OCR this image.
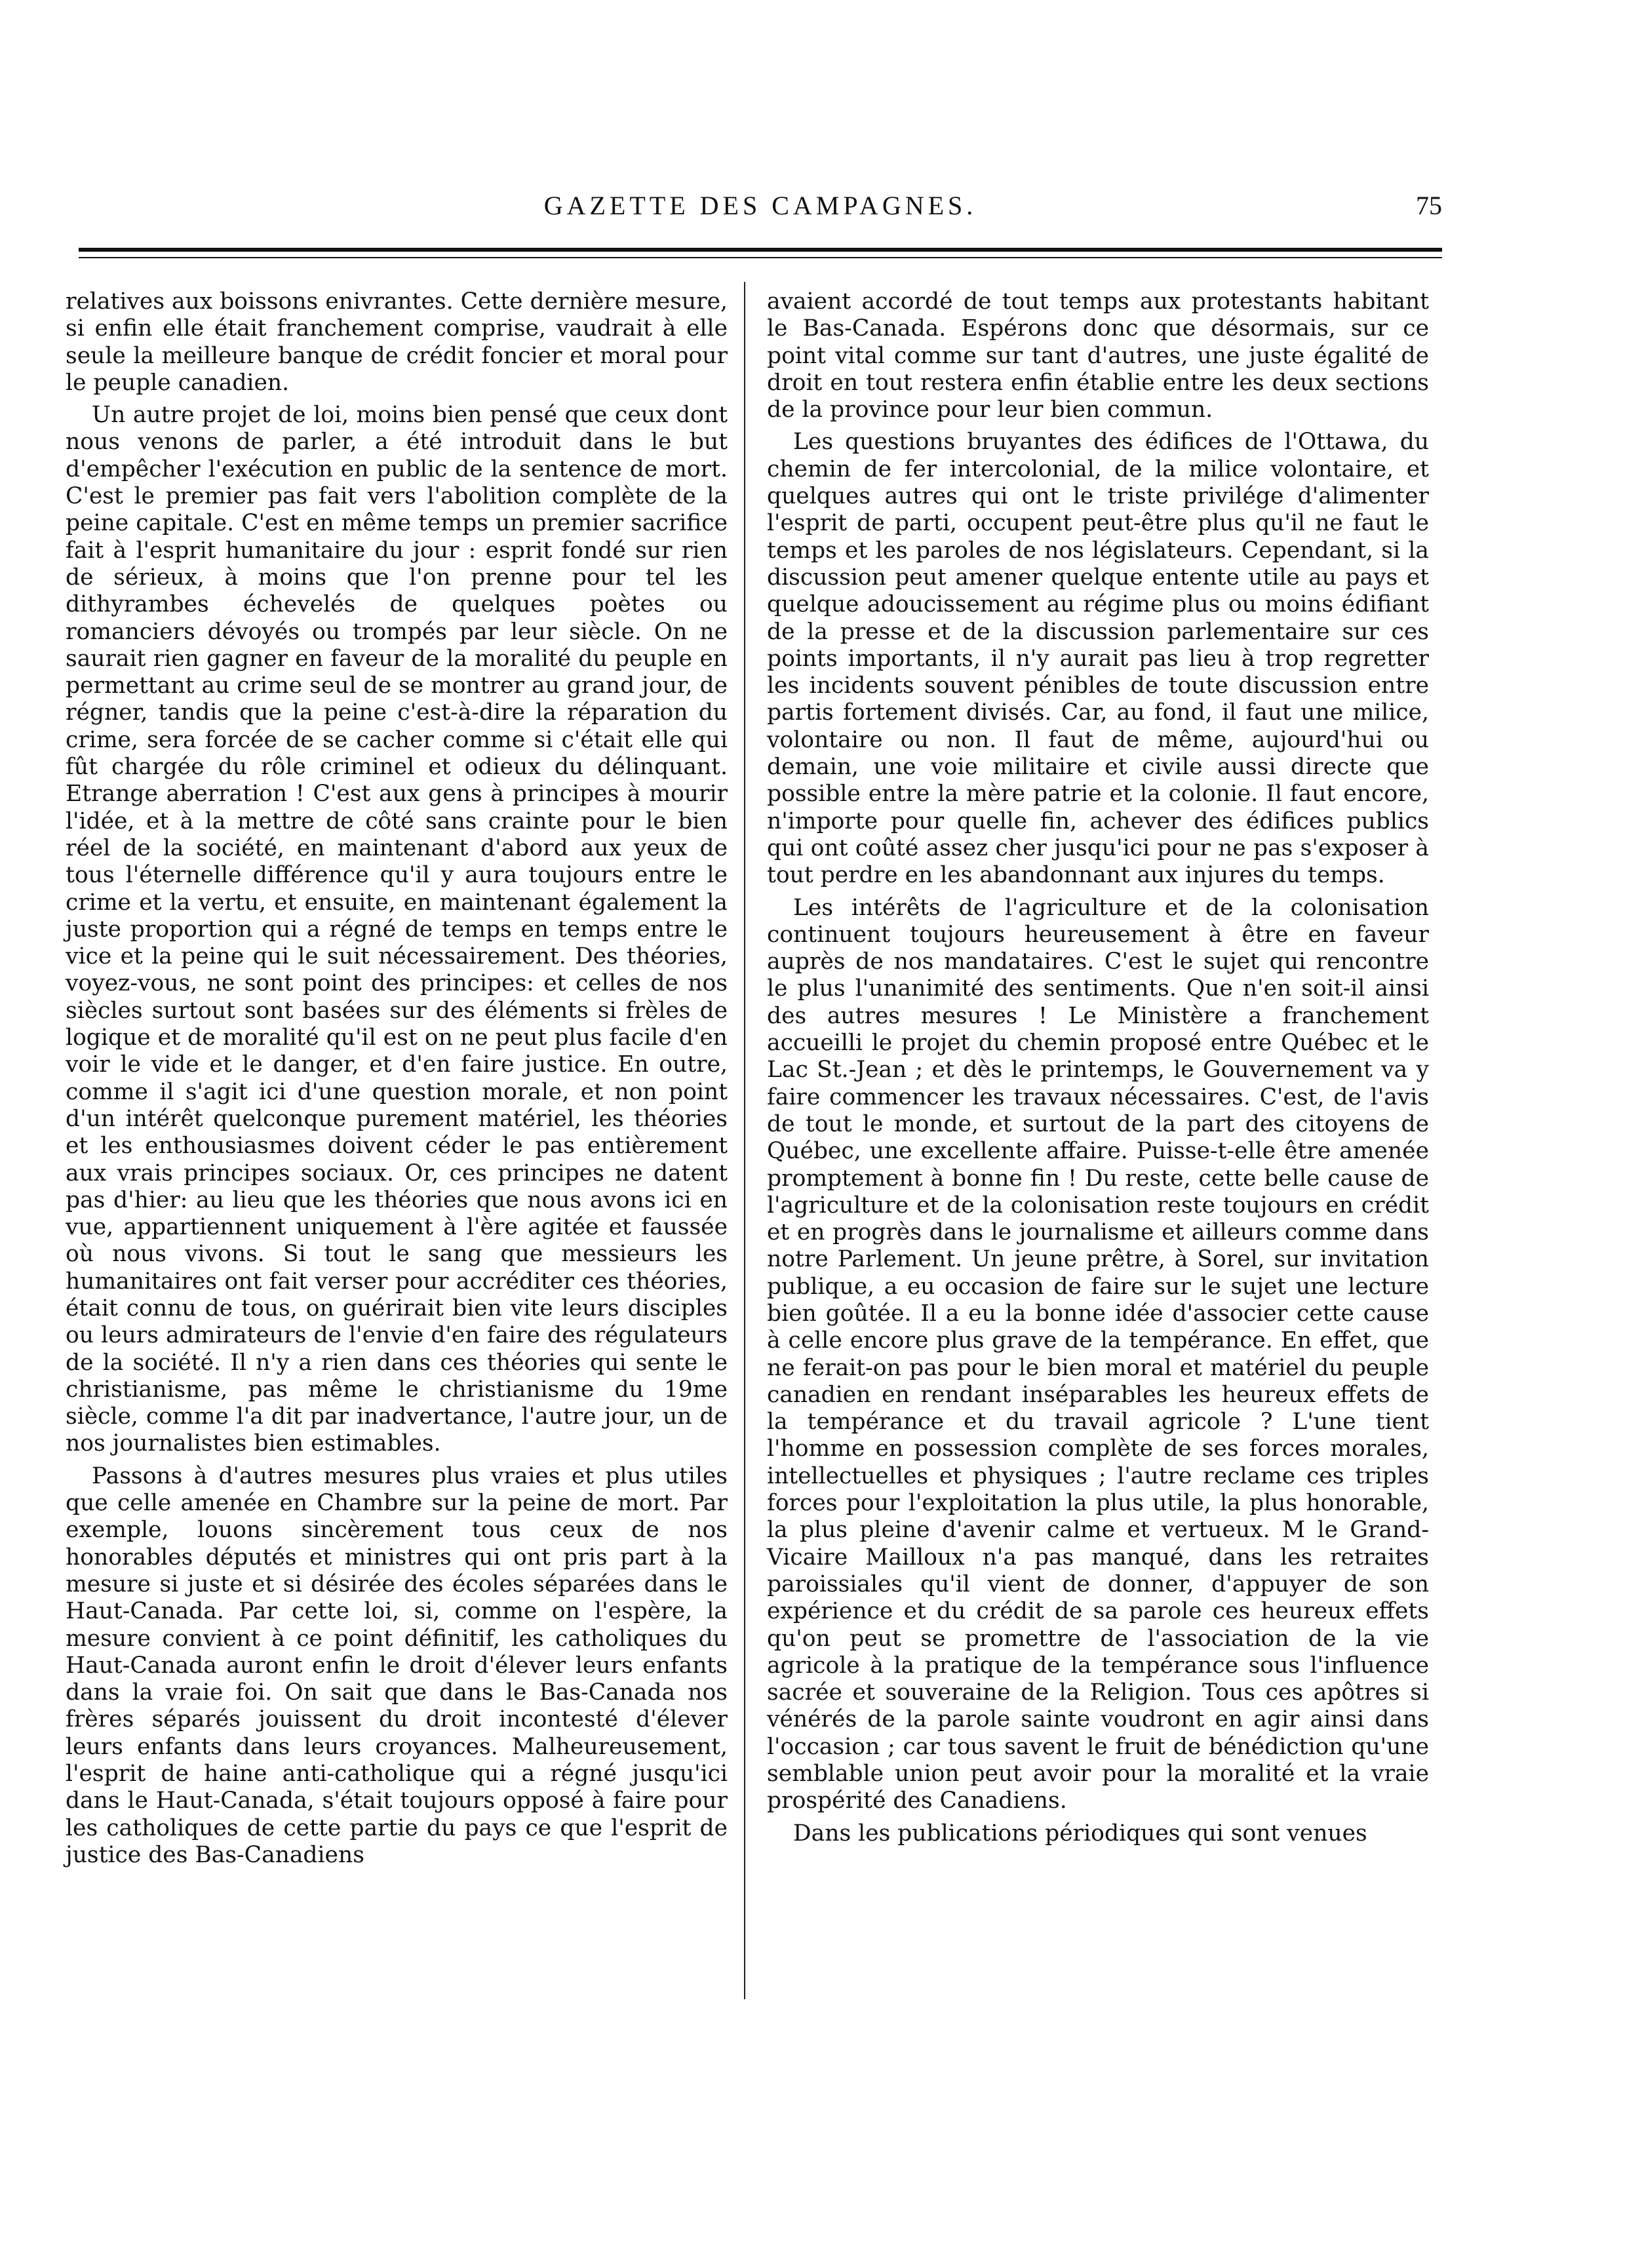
GAZETTE DES CAMPAGNES.	75

relatives aux boissons enivrantes. Cette dernière mesure, si enfin elle était franchement comprise, vaudrait à elle seule la meilleure banque de crédit foncier et moral pour le peuple canadien.

Un autre projet de loi, moins bien pensé que ceux dont nous venons de parler, a été introduit dans le but d'empêcher l'exécution en public de la sentence de mort. C'est le premier pas fait vers l'abolition complète de la peine capitale. C'est en même temps un premier sacrifice fait à l'esprit humanitaire du jour : esprit fondé sur rien de sérieux, à moins que l'on prenne pour tel les dithyrambes échevelés de quelques poètes ou romanciers dévoyés ou trompés par leur siècle. On ne saurait rien gagner en faveur de la moralité du peuple en permettant au crime seul de se montrer au grand jour, de régner, tandis que la peine c'est-à-dire la réparation du crime, sera forcée de se cacher comme si c'était elle qui fût chargée du rôle criminel et odieux du délinquant. Etrange aberration ! C'est aux gens à principes à mourir l'idée, et à la mettre de côté sans crainte pour le bien réel de la société, en maintenant d'abord aux yeux de tous l'éternelle différence qu'il y aura toujours entre le crime et la vertu, et ensuite, en maintenant également la juste proportion qui a régné de temps en temps entre le vice et la peine qui le suit nécessairement. Des théories, voyez-vous, ne sont point des principes: et celles de nos siècles surtout sont basées sur des éléments si frèles de logique et de moralité qu'il est on ne peut plus facile d'en voir le vide et le danger, et d'en faire justice. En outre, comme il s'agit ici d'une question morale, et non point d'un intérêt quelconque purement matériel, les théories et les enthousiasmes doivent céder le pas entièrement aux vrais principes sociaux. Or, ces principes ne datent pas d'hier: au lieu que les théories que nous avons ici en vue, appartiennent uniquement à l'ère agitée et faussée où nous vivons. Si tout le sang que messieurs les humanitaires ont fait verser pour accréditer ces théories, était connu de tous, on guérirait bien vite leurs disciples ou leurs admirateurs de l'envie d'en faire des régulateurs de la société. Il n'y a rien dans ces théories qui sente le christianisme, pas même le christianisme du 19me siècle, comme l'a dit par inadvertance, l'autre jour, un de nos journalistes bien estimables.

Passons à d'autres mesures plus vraies et plus utiles que celle amenée en Chambre sur la peine de mort. Par exemple, louons sincèrement tous ceux de nos honorables députés et ministres qui ont pris part à la mesure si juste et si désirée des écoles séparées dans le Haut-Canada. Par cette loi, si, comme on l'espère, la mesure convient à ce point définitif, les catholiques du Haut-Canada auront enfin le droit d'élever leurs enfants dans la vraie foi. On sait que dans le Bas-Canada nos frères séparés jouissent du droit incontesté d'élever leurs enfants dans leurs croyances. Malheureusement, l'esprit de haine anti-catholique qui a régné jusqu'ici dans le Haut-Canada, s'était toujours opposé à faire pour les catholiques de cette partie du pays ce que l'esprit de justice des Bas-Canadiens

avaient accordé de tout temps aux protestants habitant le Bas-Canada. Espérons donc que désormais, sur ce point vital comme sur tant d'autres, une juste égalité de droit en tout restera enfin établie entre les deux sections de la province pour leur bien commun.

Les questions bruyantes des édifices de l'Ottawa, du chemin de fer intercolonial, de la milice volontaire, et quelques autres qui ont le triste privilége d'alimenter l'esprit de parti, occupent peut-être plus qu'il ne faut le temps et les paroles de nos législateurs. Cependant, si la discussion peut amener quelque entente utile au pays et quelque adoucissement au régime plus ou moins édifiant de la presse et de la discussion parlementaire sur ces points importants, il n'y aurait pas lieu à trop regretter les incidents souvent pénibles de toute discussion entre partis fortement divisés. Car, au fond, il faut une milice, volontaire ou non. Il faut de même, aujourd'hui ou demain, une voie militaire et civile aussi directe que possible entre la mère patrie et la colonie. Il faut encore, n'importe pour quelle fin, achever des édifices publics qui ont coûté assez cher jusqu'ici pour ne pas s'exposer à tout perdre en les abandonnant aux injures du temps.

Les intérêts de l'agriculture et de la colonisation continuent toujours heureusement à être en faveur auprès de nos mandataires. C'est le sujet qui rencontre le plus l'unanimité des sentiments. Que n'en soit-il ainsi des autres mesures ! Le Ministère a franchement accueilli le projet du chemin proposé entre Québec et le Lac St.-Jean ; et dès le printemps, le Gouvernement va y faire commencer les travaux nécessaires. C'est, de l'avis de tout le monde, et surtout de la part des citoyens de Québec, une excellente affaire. Puisse-t-elle être amenée promptement à bonne fin ! Du reste, cette belle cause de l'agriculture et de la colonisation reste toujours en crédit et en progrès dans le journalisme et ailleurs comme dans notre Parlement. Un jeune prêtre, à Sorel, sur invitation publique, a eu occasion de faire sur le sujet une lecture bien goûtée. Il a eu la bonne idée d'associer cette cause à celle encore plus grave de la tempérance. En effet, que ne ferait-on pas pour le bien moral et matériel du peuple canadien en rendant inséparables les heureux effets de la tempérance et du travail agricole ? L'une tient l'homme en possession complète de ses forces morales, intellectuelles et physiques ; l'autre reclame ces triples forces pour l'exploitation la plus utile, la plus honorable, la plus pleine d'avenir calme et vertueux. M le Grand-Vicaire Mailloux n'a pas manqué, dans les retraites paroissiales qu'il vient de donner, d'appuyer de son expérience et du crédit de sa parole ces heureux effets qu'on peut se promettre de l'association de la vie agricole à la pratique de la tempérance sous l'influence sacrée et souveraine de la Religion. Tous ces apôtres si vénérés de la parole sainte voudront en agir ainsi dans l'occasion ; car tous savent le fruit de bénédiction qu'une semblable union peut avoir pour la moralité et la vraie prospérité des Canadiens.

Dans les publications périodiques qui sont venues
